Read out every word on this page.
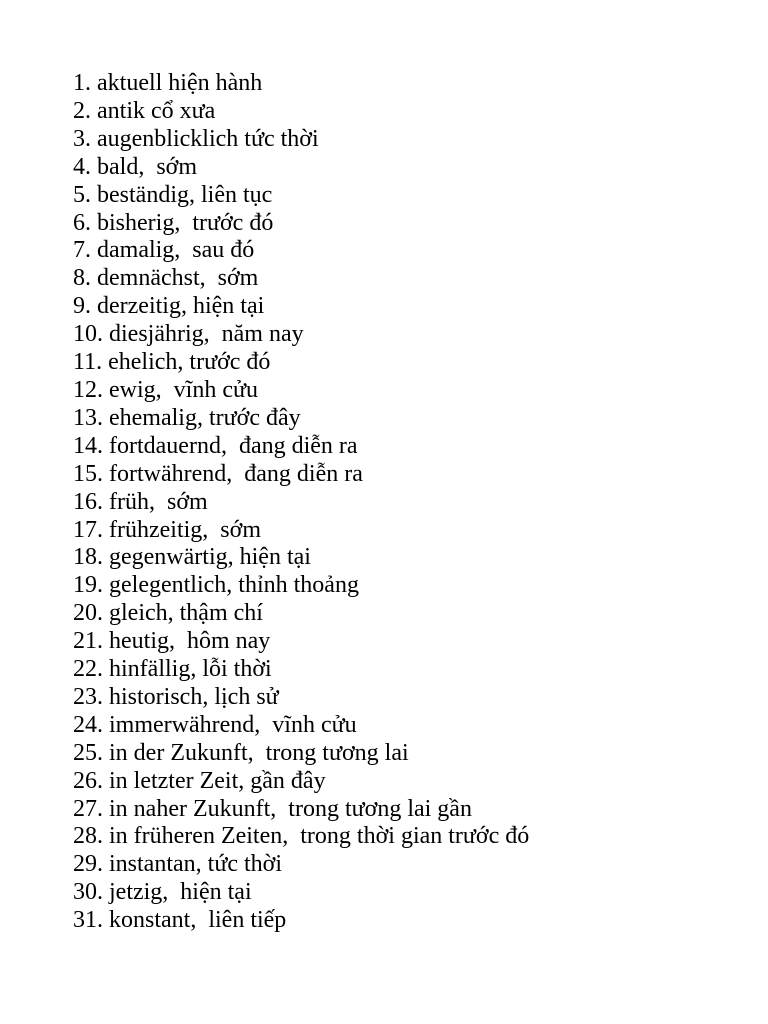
1. aktuell hiện hành
2. antik cổ xưa
3. augenblicklich tức thời
4. bald,  sớm
5. beständig, liên tục
6. bisherig,  trước đó
7. damalig,  sau đó
8. demnächst,  sớm
9. derzeitig, hiện tại
10. diesjährig,  năm nay
11. ehelich, trước đó
12. ewig,  vĩnh cửu
13. ehemalig, trước đây
14. fortdauernd,  đang diễn ra
15. fortwährend,  đang diễn ra
16. früh,  sớm
17. frühzeitig,  sớm
18. gegenwärtig, hiện tại
19. gelegentlich, thỉnh thoảng
20. gleich, thậm chí
21. heutig,  hôm nay
22. hinfällig, lỗi thời
23. historisch, lịch sử
24. immerwährend,  vĩnh cửu
25. in der Zukunft,  trong tương lai
26. in letzter Zeit, gần đây
27. in naher Zukunft,  trong tương lai gần
28. in früheren Zeiten,  trong thời gian trước đó
29. instantan, tức thời
30. jetzig,  hiện tại
31. konstant,  liên tiếp
